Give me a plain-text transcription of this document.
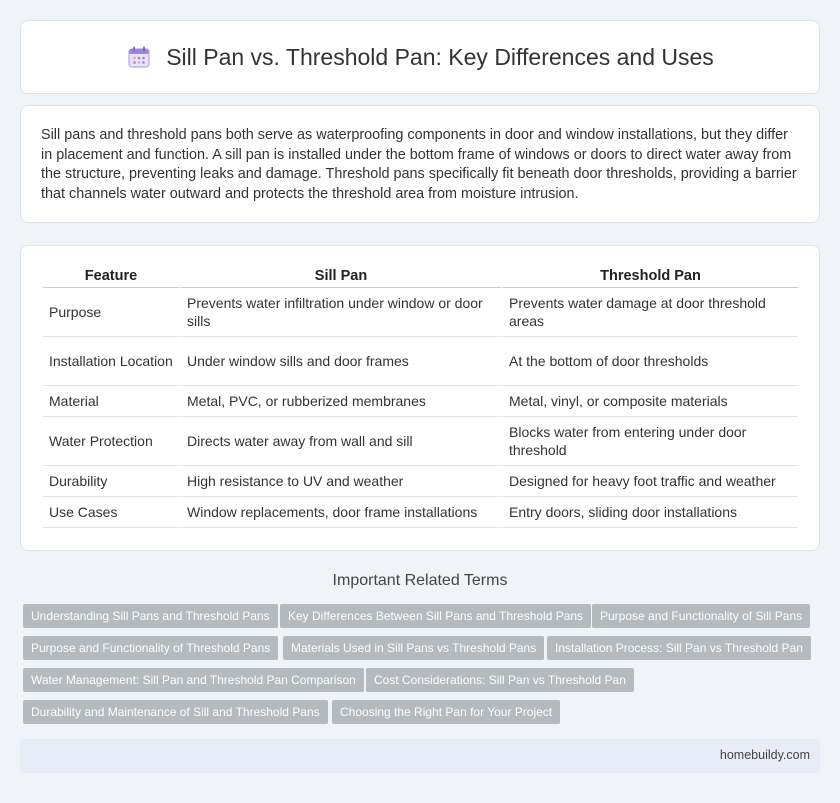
Sill Pan vs. Threshold Pan: Key Differences and Uses

Sill pans and threshold pans both serve as waterproofing components in door and window installations, but they differ in placement and function. A sill pan is installed under the bottom frame of windows or doors to direct water away from the structure, preventing leaks and damage. Threshold pans specifically fit beneath door thresholds, providing a barrier that channels water outward and protects the threshold area from moisture intrusion.

Feature	Sill Pan	Threshold Pan
Purpose	Prevents water infiltration under window or door sills	Prevents water damage at door threshold areas
Installation Location	Under window sills and door frames	At the bottom of door thresholds
Material	Metal, PVC, or rubberized membranes	Metal, vinyl, or composite materials
Water Protection	Directs water away from wall and sill	Blocks water from entering under door threshold
Durability	High resistance to UV and weather	Designed for heavy foot traffic and weather
Use Cases	Window replacements, door frame installations	Entry doors, sliding door installations
Important Related Terms
Understanding Sill Pans and Threshold Pans	Key Differences Between Sill Pans and Threshold Pans	Purpose and Functionality of Sill Pans
Purpose and Functionality of Threshold Pans	Materials Used in Sill Pans vs Threshold Pans	Installation Process: Sill Pan vs Threshold Pan
Water Management: Sill Pan and Threshold Pan Comparison	Cost Considerations: Sill Pan vs Threshold Pan
Durability and Maintenance of Sill and Threshold Pans	Choosing the Right Pan for Your Project
homebuildy.com
